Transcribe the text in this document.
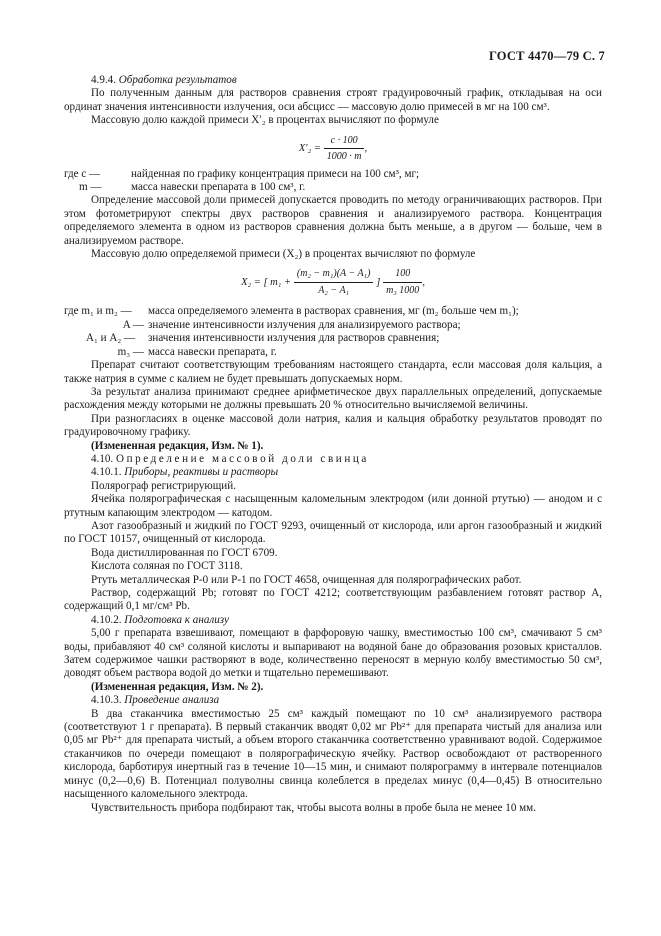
ГОСТ 4470—79 С. 7

4.9.4. Обработка результатов

По полученным данным для растворов сравнения строят градуировочный график, откладывая на оси ординат значения интенсивности излучения, оси абсцисс — массовую долю примесей в мг на 100 см³.

Массовую долю каждой примеси X′₂ в процентах вычисляют по формуле

$X'_2 = \frac{c \cdot 100}{1000 \cdot m}$ ,
где c —	найденная по графику концентрация примеси на 100 см³, мг;
m —	масса навески препарата в 100 см³, г.

Определение массовой доли примесей допускается проводить по методу ограничивающих растворов. При этом фотометрируют спектры двух растворов сравнения и анализируемого раствора. Концентрация определяемого элемента в одном из растворов сравнения должна быть меньше, а в другом — больше, чем в анализируемом растворе.

Массовую долю определяемой примеси (X₂) в процентах вычисляют по формуле

X₂ = [ $m_1 + \frac{\text{(m₂ − m₁)(A − A₁)}}{\text{A₂ − A₁}}$ ] $\frac{100}{\text{m₃ 1000}}$ ,
где m₁ и m₂ —	масса определяемого элемента в растворах сравнения, мг (m₂ больше чем m₁);
A — значение интенсивности излучения для анализируемого раствора;
A₁ и A₂ —	значения интенсивности излучения для растворов сравнения;
m₃ — масса навески препарата, г.

Препарат считают соответствующим требованиям настоящего стандарта, если массовая доля кальция, а также натрия в сумме с калием не будет превышать допускаемых норм.

За результат анализа принимают среднее арифметическое двух параллельных определений, допускаемые расхождения между которыми не должны превышать 20 % относительно вычисляемой величины.

При разногласиях в оценке массовой доли натрия, калия и кальция обработку результатов проводят по градуировочному графику.

(Измененная редакция, Изм. № 1).

4.10. Определение массовой доли свинца

4.10.1. Приборы, реактивы и растворы

Полярограф регистрирующий.

Ячейка полярографическая с насыщенным каломельным электродом (или донной ртутью) — анодом и с ртутным капающим электродом — катодом.

Азот газообразный и жидкий по ГОСТ 9293, очищенный от кислорода, или аргон газообразный и жидкий по ГОСТ 10157, очищенный от кислорода.

Вода дистиллированная по ГОСТ 6709.

Кислота соляная по ГОСТ 3118.

Ртуть металлическая Р-0 или Р-1 по ГОСТ 4658, очищенная для полярографических работ.

Раствор, содержащий Pb; готовят по ГОСТ 4212; соответствующим разбавлением готовят раствор А, содержащий 0,1 мг/см³ Pb.

4.10.2. Подготовка к анализу

5,00 г препарата взвешивают, помещают в фарфоровую чашку, вместимостью 100 см³, смачивают 5 см³ воды, прибавляют 40 см³ соляной кислоты и выпаривают на водяной бане до образования розовых кристаллов. Затем содержимое чашки растворяют в воде, количественно переносят в мерную колбу вместимостью 50 см³, доводят объем раствора водой до метки и тщательно перемешивают.

(Измененная редакция, Изм. № 2).

4.10.3. Проведение анализа

В два стаканчика вместимостью 25 см³ каждый помещают по 10 см³ анализируемого раствора (соответствуют 1 г препарата). В первый стаканчик вводят 0,02 мг Pb²⁺ для препарата чистый для анализа или 0,05 мг Pb²⁺ для препарата чистый, а объем второго стаканчика соответственно уравнивают водой. Содержимое стаканчиков по очереди помещают в полярографическую ячейку. Раствор освобождают от растворенного кислорода, барботируя инертный газ в течение 10—15 мин, и снимают полярограмму в интервале потенциалов минус (0,2—0,6) В. Потенциал полуволны свинца колеблется в пределах минус (0,4—0,45) В относительно насыщенного каломельного электрода.

Чувствительность прибора подбирают так, чтобы высота волны в пробе была не менее 10 мм.
